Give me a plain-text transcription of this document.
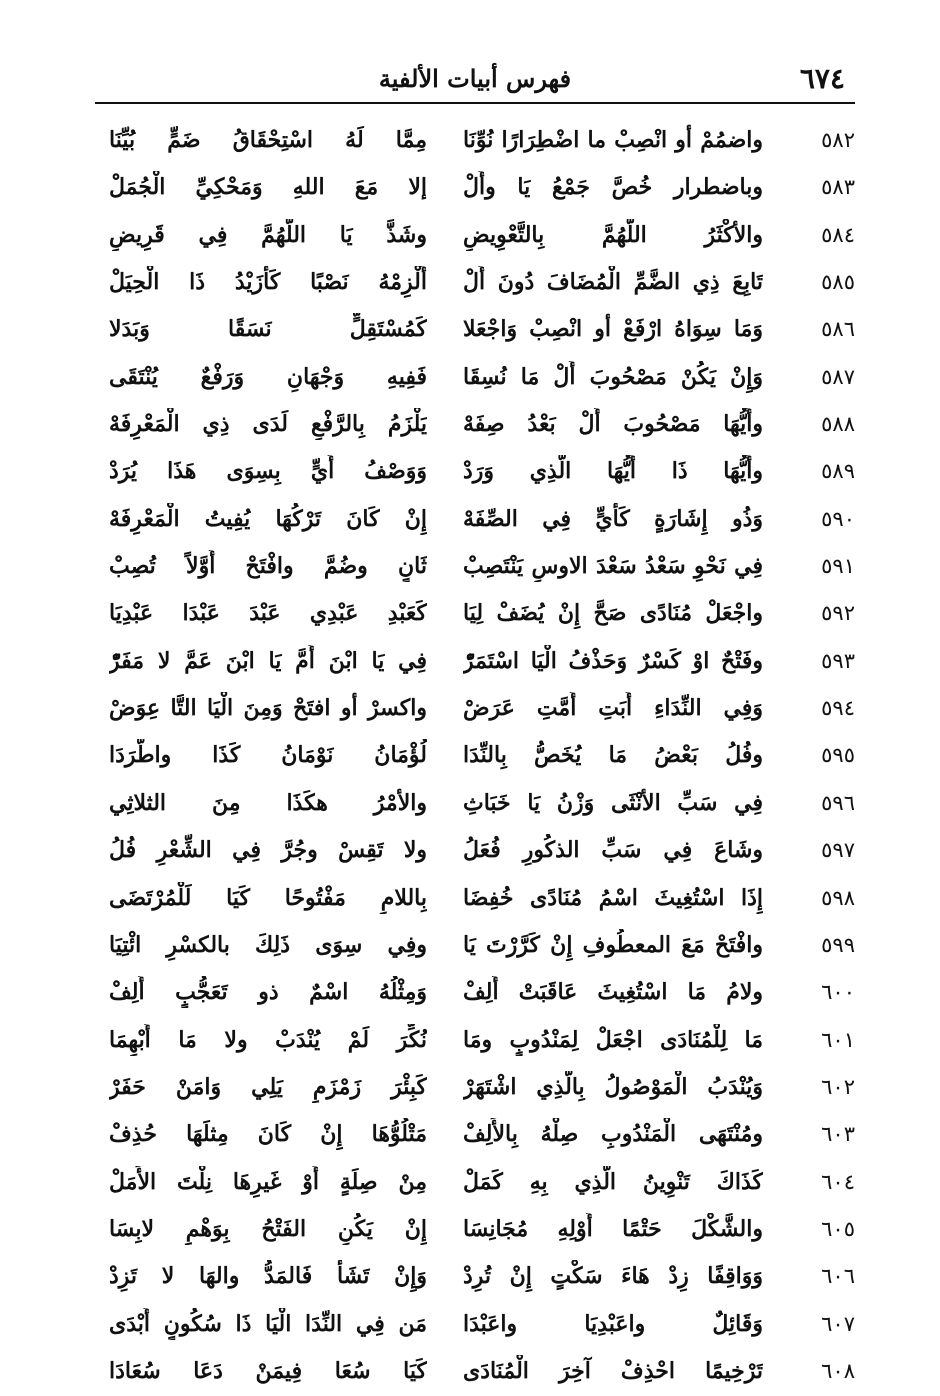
٦٧٤
فهرس أبيات الألفية
٥٨٢
واضمُمْ أو انْصِبْ ما اضْطِرَارًا نُوِّنَا
مِمَّا لَهُ اسْتِحْقَاقُ ضَمٍّ بُيِّنَا
٥٨٣
وباضطرار خُصَّ جَمْعُ يَا وأَلْ
إلا مَعَ اللهِ وَمَحْكِيِّ الْجُمَلْ
٥٨٤
والأكْثَرُ اللَّهُمَّ بِالتَّعْوِيضِ
وشَذَّ يَا اللَّهُمَّ فِي قَرِيضِ
٥٨٥
تَابِعَ ذِي الضَّمِّ الْمُضَافَ دُونَ أَلْ
أَلْزِمْهُ نَصْبًا كَأَزَيْدُ ذَا الْحِيَلْ
٥٨٦
وَمَا سِوَاهُ ارْفَعْ أو انْصِبْ وَاجْعَلا
كَمُسْتَقِلٍّ نَسَقًا وَبَدَلا
٥٨٧
وَإِنْ يَكُنْ مَصْحُوبَ أَلْ مَا نُسِقَا
فَفِيهِ وَجْهَانِ وَرَفْعٌ يُنْتَقَى
٥٨٨
وأَيُّهَا مَصْحُوبَ أَلْ بَعْدُ صِفَهْ
يَلْزَمُ بِالرَّفْعِ لَدَى ذِي الْمَعْرِفَهْ
٥٨٩
وأَيُّهَا ذَا أَيُّهَا الَّذِي وَرَدْ
وَوَصْفُ أَيٍّ بِسِوَى هَذَا يُرَدْ
٥٩٠
وَذُو إِشَارَةٍ كَأَيٍّ فِي الصِّفَهْ
إِنْ كَانَ تَرْكُهَا يُفِيتُ الْمَعْرِفَهْ
٥٩١
فِي نَحْوِ سَعْدُ سَعْدَ الاوسِ يَنْتَصِبْ
ثَانٍ وضُمَّ وافْتَحْ أَوَّلاً تُصِبْ
٥٩٢
واجْعَلْ مُنَادًى صَحَّ إِنْ يُضَفْ لِيَا
كَعَبْدِ عَبْدِي عَبْدَ عَبْدَا عَبْدِيَا
٥٩٣
وفَتْحٌ اوْ كَسْرٌ وَحَذْفُ الْيَا اسْتَمَرّْ
فِي يَا ابْنَ أُمَّ يَا ابْنَ عَمَّ لا مَفَرّْ
٥٩٤
وَفِي النِّدَاءِ أَبَتِ أُمَّتِ عَرَضْ
واكسرْ أو افتَحْ وَمِنَ الْيَا التَّا عِوَضْ
٥٩٥
وفُلُ بَعْضُ مَا يُخَصُّ بِالنِّدَا
لُؤْمَانُ نَوْمَانُ كَذَا واطَّرَدَا
٥٩٦
فِي سَبِّ الأنْثَى وَزْنُ يَا خَبَاثِ
والأمْرُ هكَذَا مِنَ الثلاثِي
٥٩٧
وشَاعَ فِي سَبِّ الذكُورِ فُعَلُ
ولا تَقِسْ وجُرَّ فِي الشِّعْرِ فُلُ
٥٩٨
إِذَا اسْتُغِيثَ اسْمُ مُنَادًى خُفِضَا
بِاللامِ مَفْتُوحًا كَيَا لَلْمُرْتَضَى
٥٩٩
وافْتَحْ مَعَ المعطُوفِ إِنْ كَرَّرْتَ يَا
وفِي سِوَى ذَلِكَ بالكسْرِ ائْتِيَا
٦٠٠
ولامُ مَا اسْتُغِيثَ عَاقَبَتْ أَلِفْ
وَمِثْلُهُ اسْمٌ ذو تَعَجُّبٍ أُلِفْ
٦٠١
مَا لِلْمُنَادَى اجْعَلْ لِمَنْدُوبٍ ومَا
نُكِّرَ لَمْ يُنْدَبْ ولا مَا أُبْهِمَا
٦٠٢
وَيُنْدَبُ الْمَوْصُولُ بِالَّذِي اشْتَهَرْ
كَبِئْرَ زَمْزَمٍ يَلِي وَامَنْ حَفَرْ
٦٠٣
ومُنْتَهَى الْمَنْدُوبِ صِلْهُ بِالأَلِفْ
مَتْلُوُّهَا إِنْ كَانَ مِثلَهَا حُذِفْ
٦٠٤
كَذَاكَ تَنْوِينُ الَّذِي بِهِ كَمَلْ
مِنْ صِلَةٍ أَوْ غَيرِهَا نِلْتَ الأَمَلْ
٦٠٥
والشَّكْلَ حَتْمًا أَوْلِهِ مُجَانِسَا
إِنْ يَكُنِ الفَتْحُ بِوَهْمٍ لابِسَا
٦٠٦
وَوَاقِفًا زِدْ هَاءَ سَكْتٍ إِنْ تُرِدْ
وَإِنْ تَشَأْ فَالمَدُّ والهَا لا تَزِدْ
٦٠٧
وَقَائِلٌ واعَبْدِيَا واعَبْدَا
مَن فِي النِّدَا الْيَا ذَا سُكُونٍ أَبْدَى
٦٠٨
تَرْخِيمًا احْذِفْ آخِرَ الْمُنَادَى
كَيَا سُعَا فِيمَنْ دَعَا سُعَادَا
